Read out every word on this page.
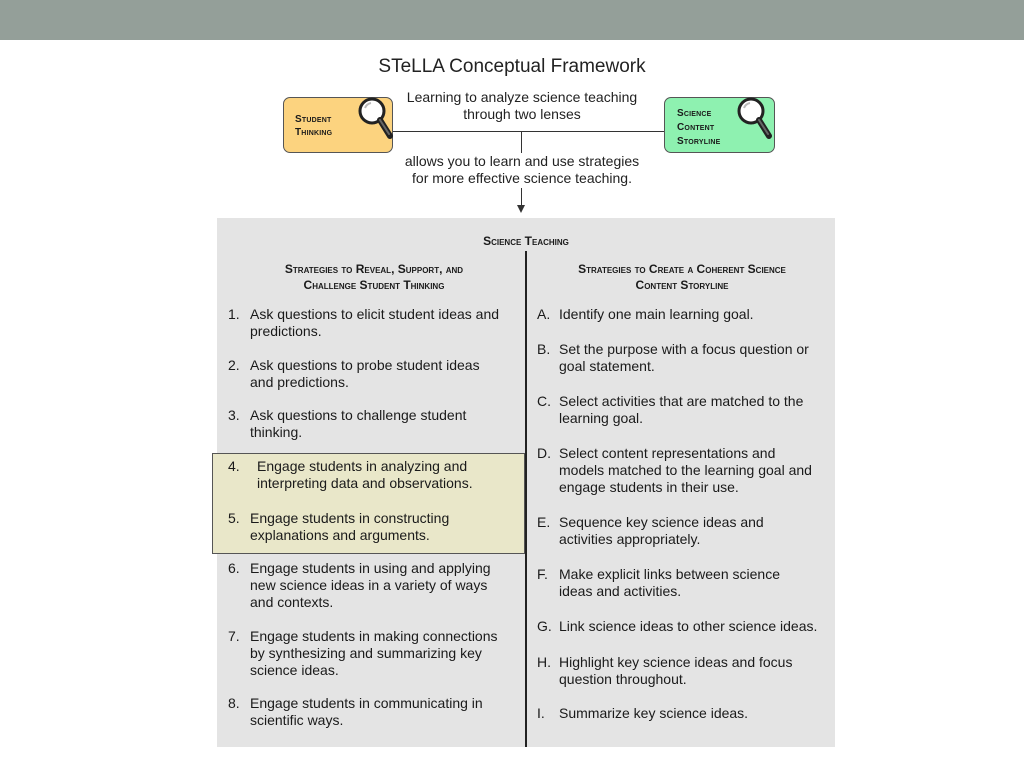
STeLLA Conceptual Framework
Student
Thinking
Science
Content
Storyline
Learning to analyze science teaching
through two lenses
allows you to learn and use strategies
for more effective science teaching.
Science Teaching
Strategies to Reveal, Support, and
Challenge Student Thinking
Strategies to Create a Coherent Science
Content Storyline
1. Ask questions to elicit student ideas and
predictions.
2. Ask questions to probe student ideas
and predictions.
3. Ask questions to challenge student
thinking.
6. Engage students in using and applying
new science ideas in a variety of ways
and contexts.
7. Engage students in making connections
by synthesizing and summarizing key
science ideas.
8. Engage students in communicating in
scientific ways.
A. Identify one main learning goal.
B. Set the purpose with a focus question or
goal statement.
C. Select activities that are matched to the
learning goal.
D. Select content representations and
models matched to the learning goal and
engage students in their use.
E. Sequence key science ideas and
activities appropriately.
F. Make explicit links between science
ideas and activities.
G. Link science ideas to other science ideas.
H. Highlight key science ideas and focus
question throughout.
I. Summarize key science ideas.
4. Engage students in analyzing and
interpreting data and observations.
5. Engage students in constructing
explanations and arguments.
